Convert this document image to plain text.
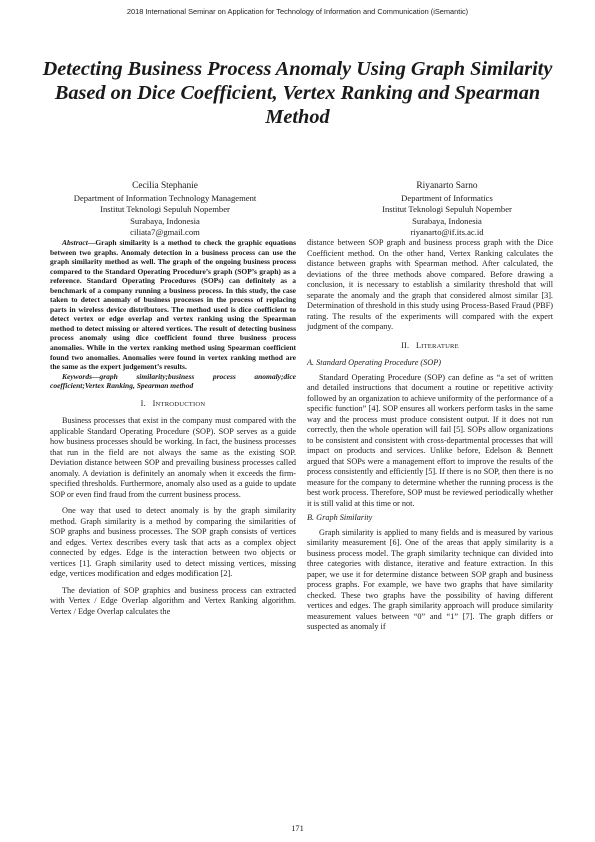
2018 International Seminar on Application for Technology of Information and Communication (iSemantic)
Detecting Business Process Anomaly Using Graph Similarity Based on Dice Coefficient, Vertex Ranking and Spearman Method
Cecilia Stephanie
Department of Information Technology Management
Institut Teknologi Sepuluh Nopember
Surabaya, Indonesia
ciliata7@gmail.com
Riyanarto Sarno
Department of Informatics
Institut Teknologi Sepuluh Nopember
Surabaya, Indonesia
riyanarto@if.its.ac.id

Abstract—Graph similarity is a method to check the graphic equations between two graphs. Anomaly detection in a business process can use the graph similarity method as well. The graph of the ongoing business process compared to the Standard Operating Procedure’s graph (SOP’s graph) as a reference. Standard Operating Procedures (SOPs) can definitely as a benchmark of a company running a business process. In this study, the case taken to detect anomaly of business processes in the process of replacing parts in wireless device distributors. The method used is dice coefficient to detect vertex or edge overlap and vertex ranking using the Spearman method to detect missing or altered vertices. The result of detecting business process anomaly using dice coefficient found three business process anomalies. While in the vertex ranking method using Spearman coefficient found two anomalies. Anomalies were found in vertex ranking method are the same as the expert judgement’s results.

Keywords—graph similarity;business process anomaly;dice coefficient;Vertex Ranking, Spearman method

I. INTRODUCTION

Business processes that exist in the company must compared with the applicable Standard Operating Procedure (SOP). SOP serves as a guide how business processes should be working. In fact, the business processes that run in the field are not always the same as the existing SOP. Deviation distance between SOP and prevailing business processes called anomaly. A deviation is definitely an anomaly when it exceeds the firm-specified thresholds. Furthermore, anomaly also used as a guide to update SOP or even find fraud from the current business process.

One way that used to detect anomaly is by the graph similarity method. Graph similarity is a method by comparing the similarities of SOP graphs and business processes. The SOP graph consists of vertices and edges. Vertex describes every task that acts as a complex object connected by edges. Edge is the interaction between two objects or vertices [1]. Graph similarity used to detect missing vertices, missing edge, vertices modification and edges modification [2].

The deviation of SOP graphics and business process can extracted with Vertex / Edge Overlap algorithm and Vertex Ranking algorithm. Vertex / Edge Overlap calculates the

distance between SOP graph and business process graph with the Dice Coefficient method. On the other hand, Vertex Ranking calculates the distance between graphs with Spearman method. After calculated, the deviations of the three methods above compared. Before drawing a conclusion, it is necessary to establish a similarity threshold that will separate the anomaly and the graph that considered almost similar [3]. Determination of threshold in this study using Process-Based Fraud (PBF) rating. The results of the experiments will compared with the expert judgment of the company.

II. LITERATURE
A. Standard Operating Procedure (SOP)

Standard Operating Procedure (SOP) can define as “a set of written and detailed instructions that document a routine or repetitive activity followed by an organization to achieve uniformity of the performance of a specific function” [4]. SOP ensures all workers perform tasks in the same way and the process must produce consistent output. If it does not run correctly, then the whole operation will fail [5]. SOPs allow organizations to be consistent and consistent with cross-departmental processes that will impact on products and services. Unlike before, Edelson & Bennett argued that SOPs were a management effort to improve the results of the process consistently and efficiently [5]. If there is no SOP, then there is no measure for the company to determine whether the running process is the best work process. Therefore, SOP must be reviewed periodically whether it is still valid at this time or not.

B. Graph Similarity

Graph similarity is applied to many fields and is measured by various similarity measurement [6]. One of the areas that apply similarity is a business process model. The graph similarity technique can divided into three categories with distance, iterative and feature extraction. In this paper, we use it for determine distance between SOP graph and business process graphs. For example, we have two graphs that have similarity checked. These two graphs have the possibility of having different vertices and edges. The graph similarity approach will produce similarity measurement values between “0” and “1” [7]. The graph differs or suspected as anomaly if

171
